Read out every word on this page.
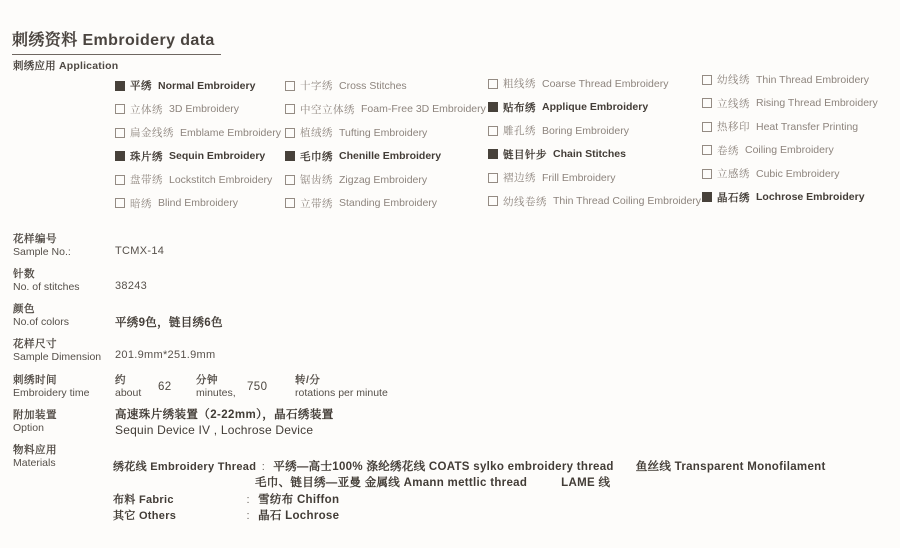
刺绣资料 Embroidery data
刺绣应用 Application
平绣 Normal Embroidery
立体绣 3D Embroidery
扁金线绣 Emblame Embroidery
珠片绣 Sequin Embroidery
盘带绣 Lockstitch Embroidery
暗绣 Blind Embroidery
十字绣 Cross Stitches
中空立体绣 Foam-Free 3D Embroidery
植绒绣 Tufting Embroidery
毛巾绣 Chenille Embroidery
锯齿绣 Zigzag Embroidery
立带绣 Standing Embroidery
粗线绣 Coarse Thread Embroidery
贴布绣 Applique Embroidery
雕孔绣 Boring Embroidery
链目针步 Chain Stitches
褶边绣 Frill Embroidery
幼线卷绣 Thin Thread Coiling Embroidery
幼线绣 Thin Thread Embroidery
立线绣 Rising Thread Embroidery
热移印 Heat Transfer Printing
卷绣 Coiling Embroidery
立感绣 Cubic Embroidery
晶石绣 Lochrose Embroidery
花样编号
Sample No.:	TCMX-14
针数
No. of stitches	38243
颜色
No.of colors	平绣9色，链目绣6色
花样尺寸
Sample Dimension 201.9mm*251.9mm
刺绣时间
Embroidery time
约
about 62
分钟
minutes, 750
转/分
rotations per minute
附加装置
Option
高速珠片绣装置（2-22mm），晶石绣装置
Sequin Device IV , Lochrose Device
物料应用
Materials	绣花线 Embroidery Thread : 平绣—高士100% 涤纶绣花线 COATS sylko embroidery thread 鱼丝线 Transparent Monofilament
毛巾、链目绣—亚曼 金属线 Amann mettlic thread	LAME 线
布料 Fabric	: 雪纺布 Chiffon
其它 Others	: 晶石 Lochrose
